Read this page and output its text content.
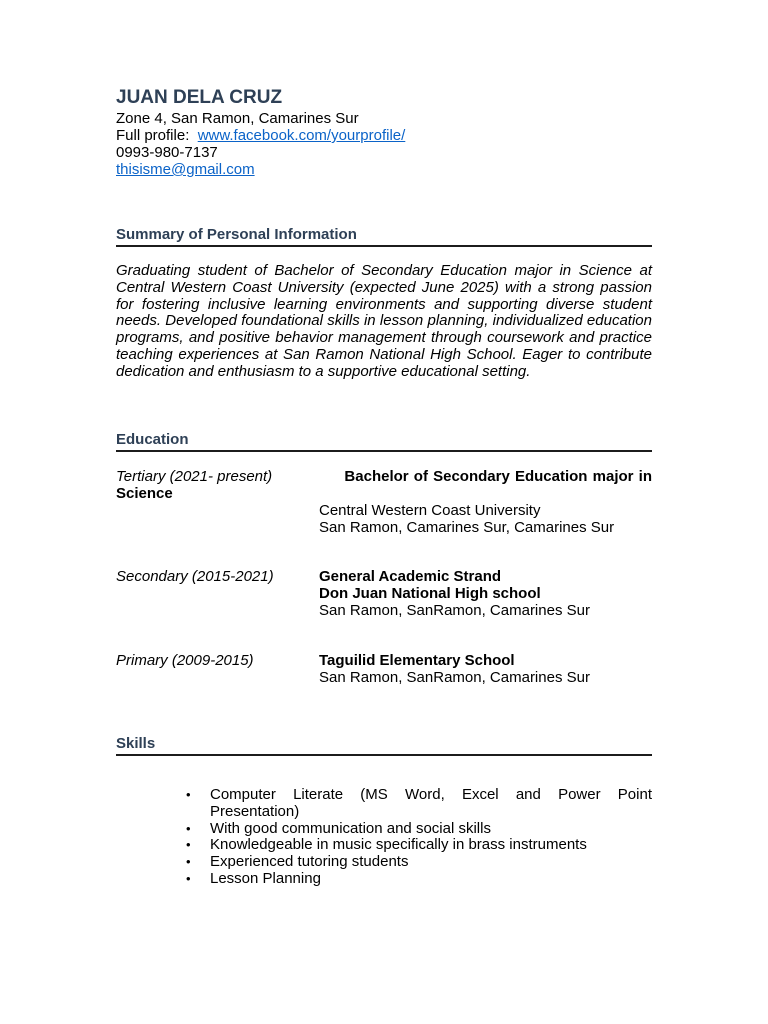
JUAN DELA CRUZ

Zone 4, San Ramon, Camarines Sur

Full profile: www.facebook.com/yourprofile/

0993-980-7137

thisisme@gmail.com

Summary of Personal Information

Graduating student of Bachelor of Secondary Education major in Science at Central Western Coast University (expected June 2025) with a strong passion for fostering inclusive learning environments and supporting diverse student needs. Developed foundational skills in lesson planning, individualized education programs, and positive behavior management through coursework and practice teaching experiences at San Ramon National High School. Eager to contribute dedication and enthusiasm to a supportive educational setting.

Education
Tertiary (2021- present)	Bachelor of Secondary Education major in
Science
Central Western Coast University
San Ramon, Camarines Sur, Camarines Sur
Secondary (2015-2021)	General Academic Strand
Don Juan National High school
San Ramon, SanRamon, Camarines Sur
Primary (2009-2015)	Taguilid Elementary School
San Ramon, SanRamon, Camarines Sur
Skills
• Computer Literate (MS Word, Excel and Power Point Presentation)
• With good communication and social skills
• Knowledgeable in music specifically in brass instruments
• Experienced tutoring students
• Lesson Planning
